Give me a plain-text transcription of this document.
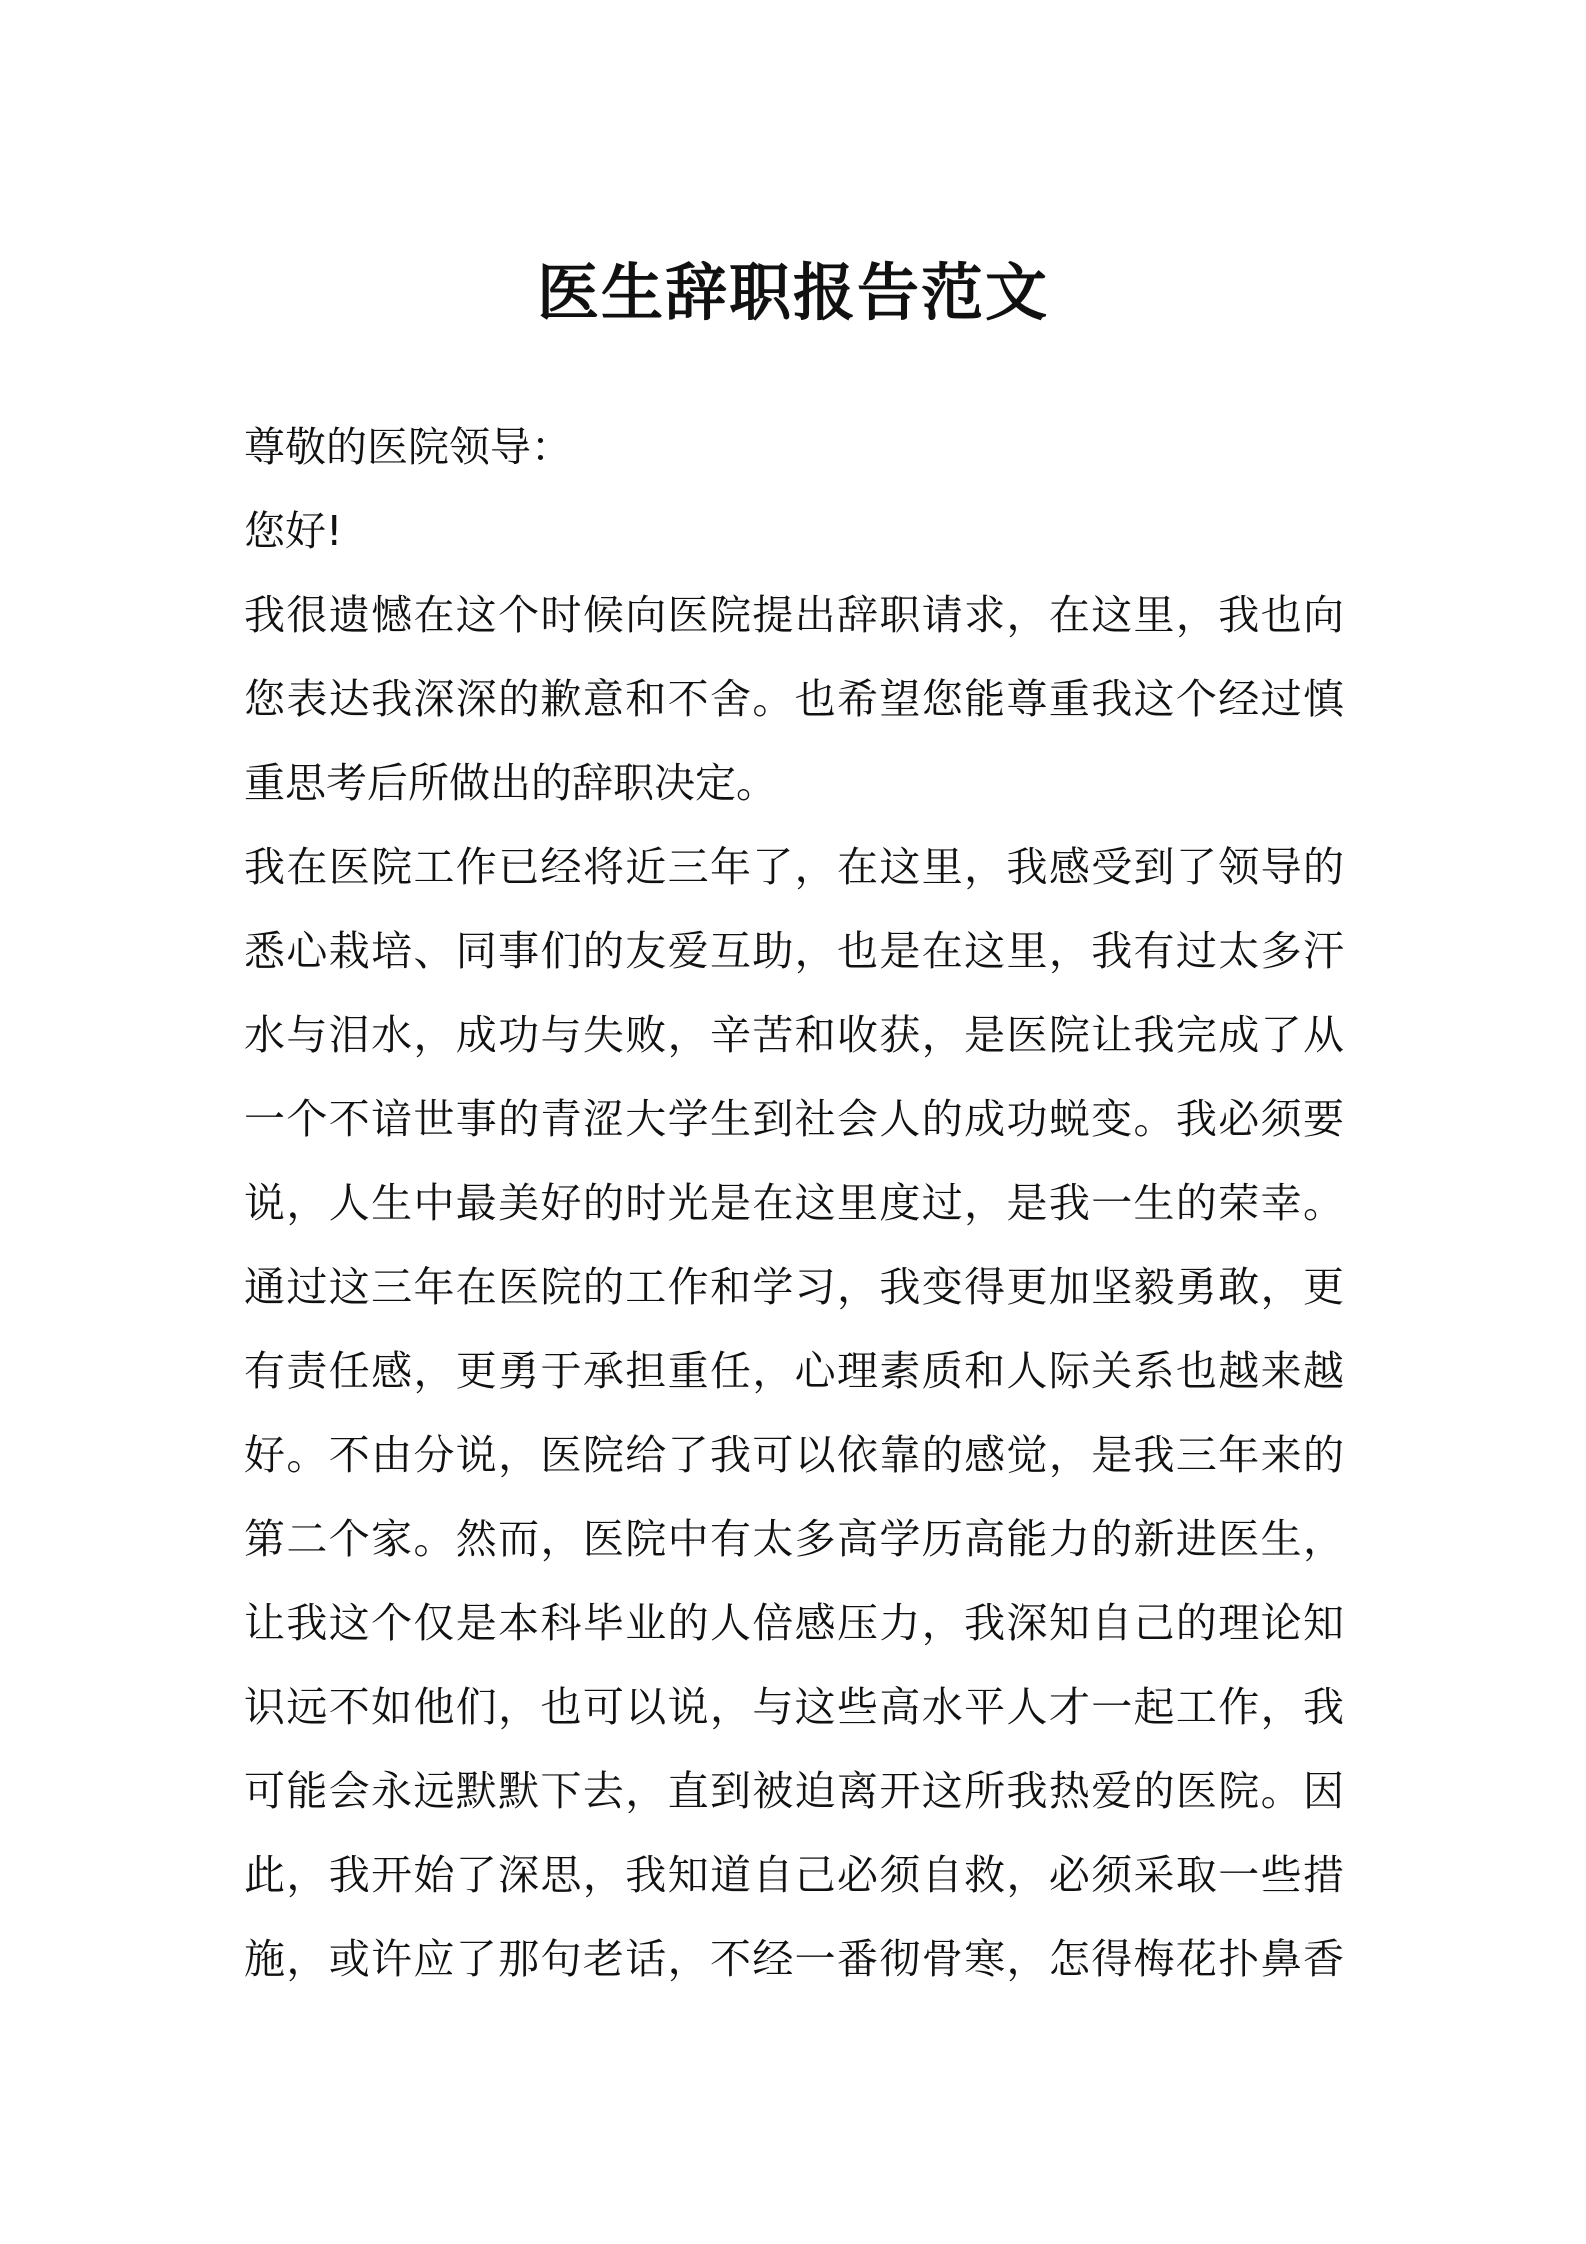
医生辞职报告范文
尊敬的医院领导：
您好!
我很遗憾在这个时候向医院提出辞职请求，在这里，我也向
您表达我深深的歉意和不舍。也希望您能尊重我这个经过慎
重思考后所做出的辞职决定。
我在医院工作已经将近三年了，在这里，我感受到了领导的
悉心栽培、同事们的友爱互助，也是在这里，我有过太多汗
水与泪水，成功与失败，辛苦和收获，是医院让我完成了从
一个不谙世事的青涩大学生到社会人的成功蜕变。我必须要
说，人生中最美好的时光是在这里度过，是我一生的荣幸。
通过这三年在医院的工作和学习，我变得更加坚毅勇敢，更
有责任感，更勇于承担重任，心理素质和人际关系也越来越
好。不由分说，医院给了我可以依靠的感觉，是我三年来的
第二个家。然而，医院中有太多高学历高能力的新进医生，
让我这个仅是本科毕业的人倍感压力，我深知自己的理论知
识远不如他们，也可以说，与这些高水平人才一起工作，我
可能会永远默默下去，直到被迫离开这所我热爱的医院。因
此，我开始了深思，我知道自己必须自救，必须采取一些措
施，或许应了那句老话，不经一番彻骨寒，怎得梅花扑鼻香
